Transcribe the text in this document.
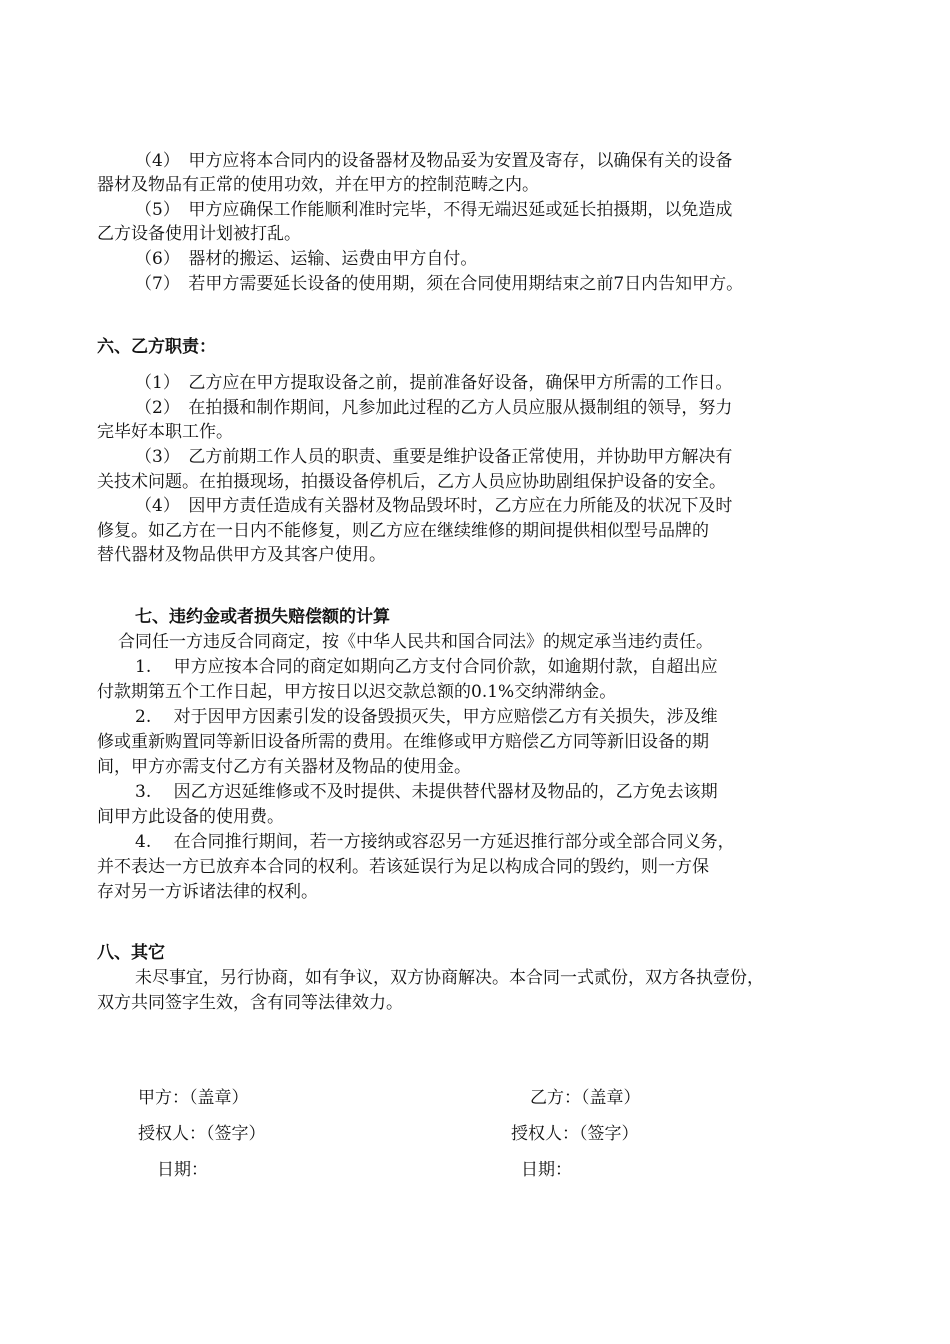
（4）　甲方应将本合同内的设备器材及物品妥为安置及寄存，以确保有关的设备
器材及物品有正常的使用功效，并在甲方的控制范畴之内。
（5）　甲方应确保工作能顺利准时完毕，不得无端迟延或延长拍摄期，以免造成
乙方设备使用计划被打乱。
（6）　器材的搬运、运输、运费由甲方自付。
（7）　若甲方需要延长设备的使用期，须在合同使用期结束之前7日内告知甲方。
六、乙方职责：
（1）　乙方应在甲方提取设备之前，提前准备好设备，确保甲方所需的工作日。
（2）　在拍摄和制作期间，凡参加此过程的乙方人员应服从摄制组的领导，努力
完毕好本职工作。
（3）　乙方前期工作人员的职责、重要是维护设备正常使用，并协助甲方解决有
关技术问题。在拍摄现场，拍摄设备停机后，乙方人员应协助剧组保护设备的安全。
（4）　因甲方责任造成有关器材及物品毁坏时，乙方应在力所能及的状况下及时
修复。如乙方在一日内不能修复，则乙方应在继续维修的期间提供相似型号品牌的
替代器材及物品供甲方及其客户使用。
七、违约金或者损失赔偿额的计算
合同任一方违反合同商定，按《中华人民共和国合同法》的规定承当违约责任。
1.　 甲方应按本合同的商定如期向乙方支付合同价款，如逾期付款，自超出应
付款期第五个工作日起，甲方按日以迟交款总额的0.1%交纳滞纳金。
2.　 对于因甲方因素引发的设备毁损灭失，甲方应赔偿乙方有关损失，涉及维
修或重新购置同等新旧设备所需的费用。在维修或甲方赔偿乙方同等新旧设备的期
间，甲方亦需支付乙方有关器材及物品的使用金。
3.　 因乙方迟延维修或不及时提供、未提供替代器材及物品的，乙方免去该期
间甲方此设备的使用费。
4.　 在合同推行期间，若一方接纳或容忍另一方延迟推行部分或全部合同义务，
并不表达一方已放弃本合同的权利。若该延误行为足以构成合同的毁约，则一方保
存对另一方诉诸法律的权利。
八、其它
未尽事宜，另行协商，如有争议，双方协商解决。本合同一式贰份，双方各执壹份，
双方共同签字生效，含有同等法律效力。
甲方：（盖章）	乙方：（盖章）
授权人：（签字）	授权人：（签字）
日期：	日期：
